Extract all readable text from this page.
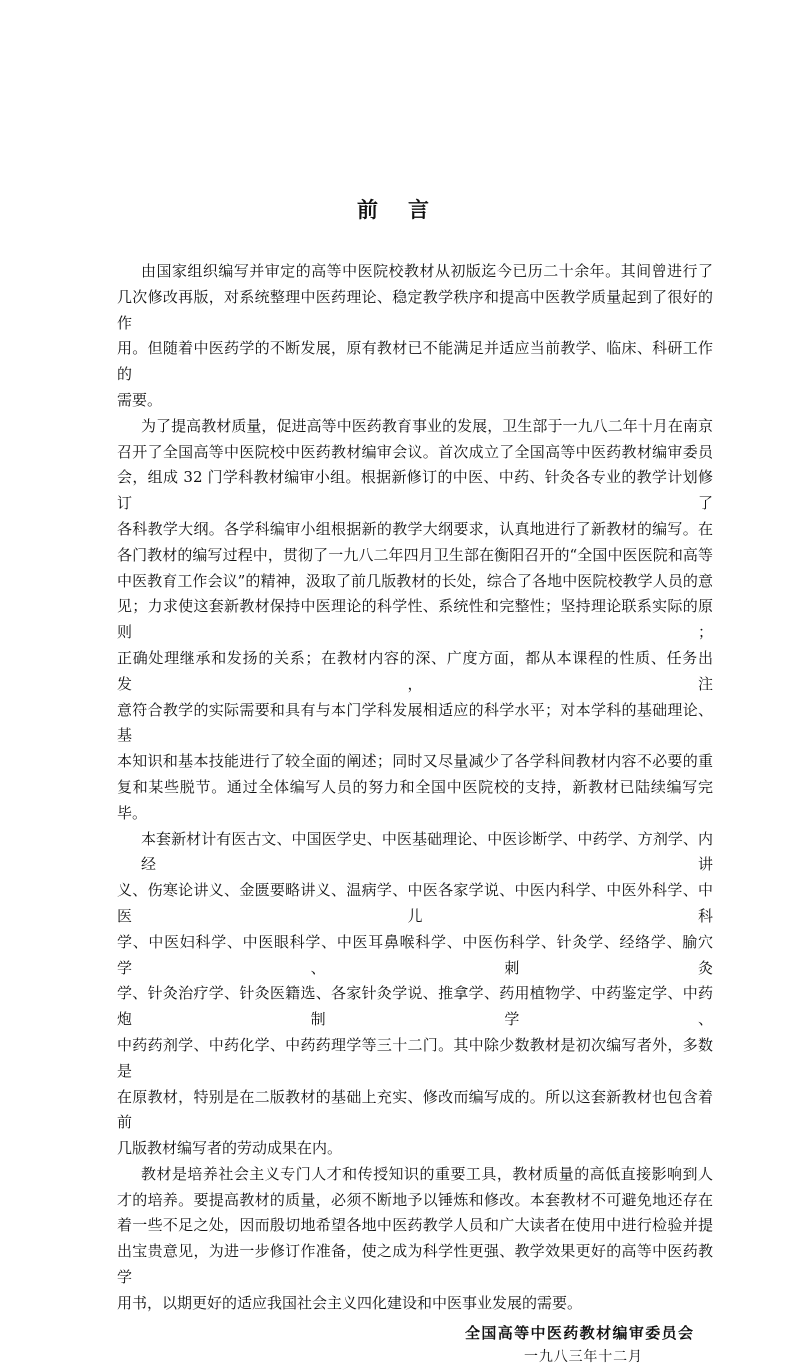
前言
由国家组织编写并审定的高等中医院校教材从初版迄今已历二十余年。其间曾进行了
几次修改再版，对系统整理中医药理论、稳定教学秩序和提高中医教学质量起到了很好的作
用。但随着中医药学的不断发展，原有教材已不能满足并适应当前教学、临床、科研工作的
需要。
为了提高教材质量，促进高等中医药教育事业的发展，卫生部于一九八二年十月在南京
召开了全国高等中医院校中医药教材编审会议。首次成立了全国高等中医药教材编审委员
会，组成 32 门学科教材编审小组。根据新修订的中医、中药、针灸各专业的教学计划修订了
各科教学大纲。各学科编审小组根据新的教学大纲要求，认真地进行了新教材的编写。在
各门教材的编写过程中，贯彻了一九八二年四月卫生部在衡阳召开的“全国中医医院和高等
中医教育工作会议”的精神，汲取了前几版教材的长处，综合了各地中医院校教学人员的意
见；力求使这套新教材保持中医理论的科学性、系统性和完整性；坚持理论联系实际的原则；
正确处理继承和发扬的关系；在教材内容的深、广度方面，都从本课程的性质、任务出发，注
意符合教学的实际需要和具有与本门学科发展相适应的科学水平；对本学科的基础理论、基
本知识和基本技能进行了较全面的阐述；同时又尽量减少了各学科间教材内容不必要的重
复和某些脱节。通过全体编写人员的努力和全国中医院校的支持，新教材已陆续编写完毕。
本套新材计有医古文、中国医学史、中医基础理论、中医诊断学、中药学、方剂学、内经讲
义、伤寒论讲义、金匮要略讲义、温病学、中医各家学说、中医内科学、中医外科学、中医儿科
学、中医妇科学、中医眼科学、中医耳鼻喉科学、中医伤科学、针灸学、经络学、腧穴学、刺灸
学、针灸治疗学、针灸医籍选、各家针灸学说、推拿学、药用植物学、中药鉴定学、中药炮制学、
中药药剂学、中药化学、中药药理学等三十二门。其中除少数教材是初次编写者外，多数是
在原教材，特别是在二版教材的基础上充实、修改而编写成的。所以这套新教材也包含着前
几版教材编写者的劳动成果在内。
教材是培养社会主义专门人才和传授知识的重要工具，教材质量的高低直接影响到人
才的培养。要提高教材的质量，必须不断地予以锤炼和修改。本套教材不可避免地还存在
着一些不足之处，因而殷切地希望各地中医药教学人员和广大读者在使用中进行检验并提
出宝贵意见，为进一步修订作准备，使之成为科学性更强、教学效果更好的高等中医药教学
用书，以期更好的适应我国社会主义四化建设和中医事业发展的需要。
全国高等中医药教材编审委员会
一九八三年十二月
